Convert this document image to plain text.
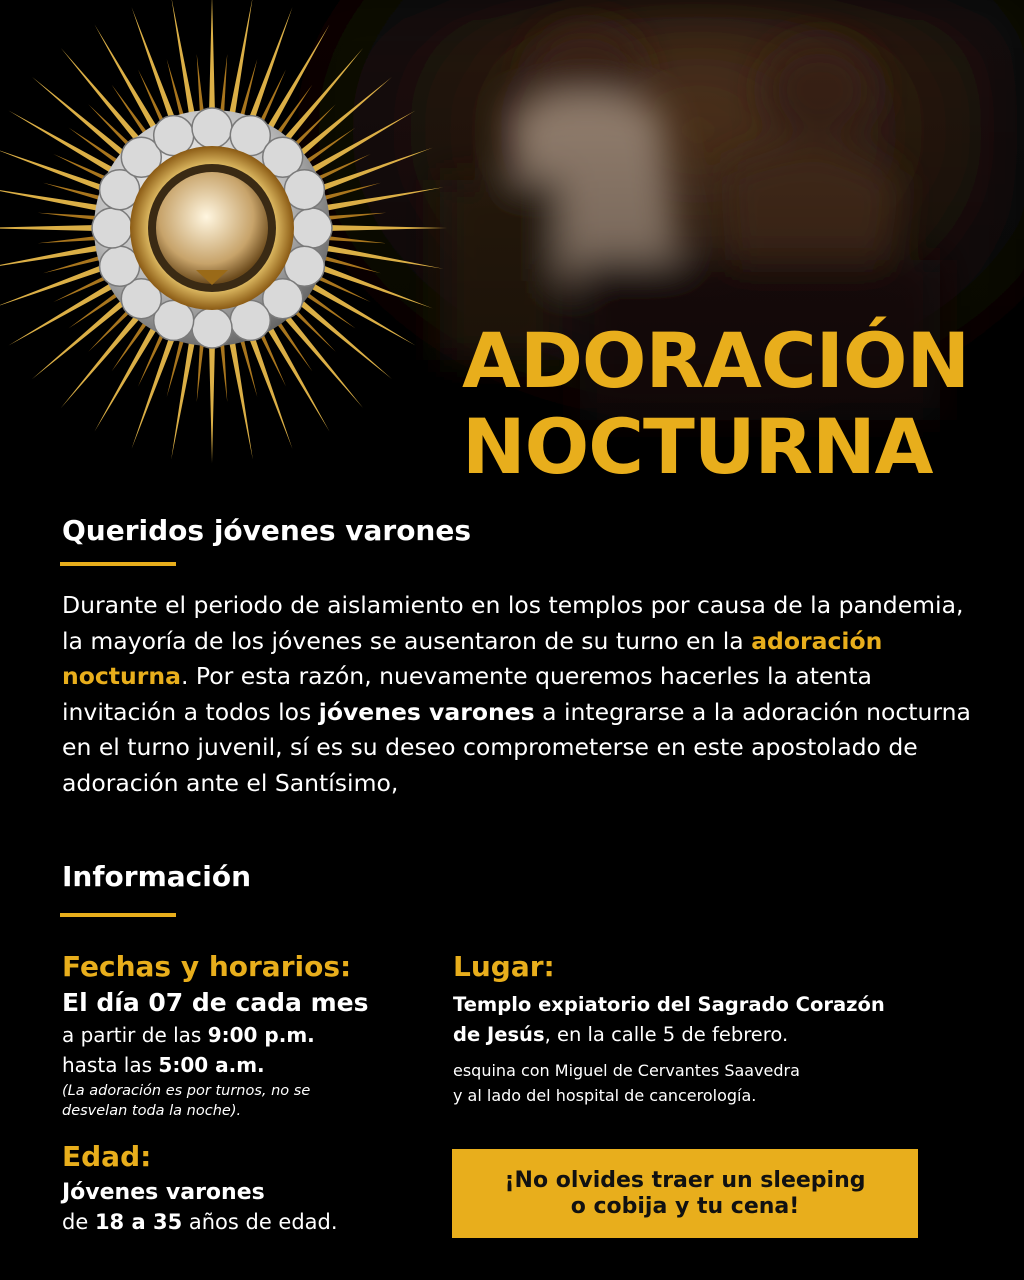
ADORACIÓN
NOCTURNA
Queridos jóvenes varones
Durante el periodo de aislamiento en los templos por causa de la pandemia, la mayoría de los jóvenes se ausentaron de su turno en la adoración nocturna. Por esta razón, nuevamente queremos hacerles la atenta invitación a todos los jóvenes varones a integrarse a la adoración nocturna en el turno juvenil, sí es su deseo comprometerse en este apostolado de adoración ante el Santísimo,
Información
Fechas y horarios:
El día 07 de cada mes
a partir de las 9:00 p.m.
hasta las 5:00 a.m.
(La adoración es por turnos, no se
desvelan toda la noche).
Edad:
Jóvenes varones
de 18 a 35 años de edad.
Lugar:
Templo expiatorio del Sagrado Corazón
de Jesús, en la calle 5 de febrero.
esquina con Miguel de Cervantes Saavedra
y al lado del hospital de cancerología.
¡No olvides traer un sleeping
o cobija y tu cena!
